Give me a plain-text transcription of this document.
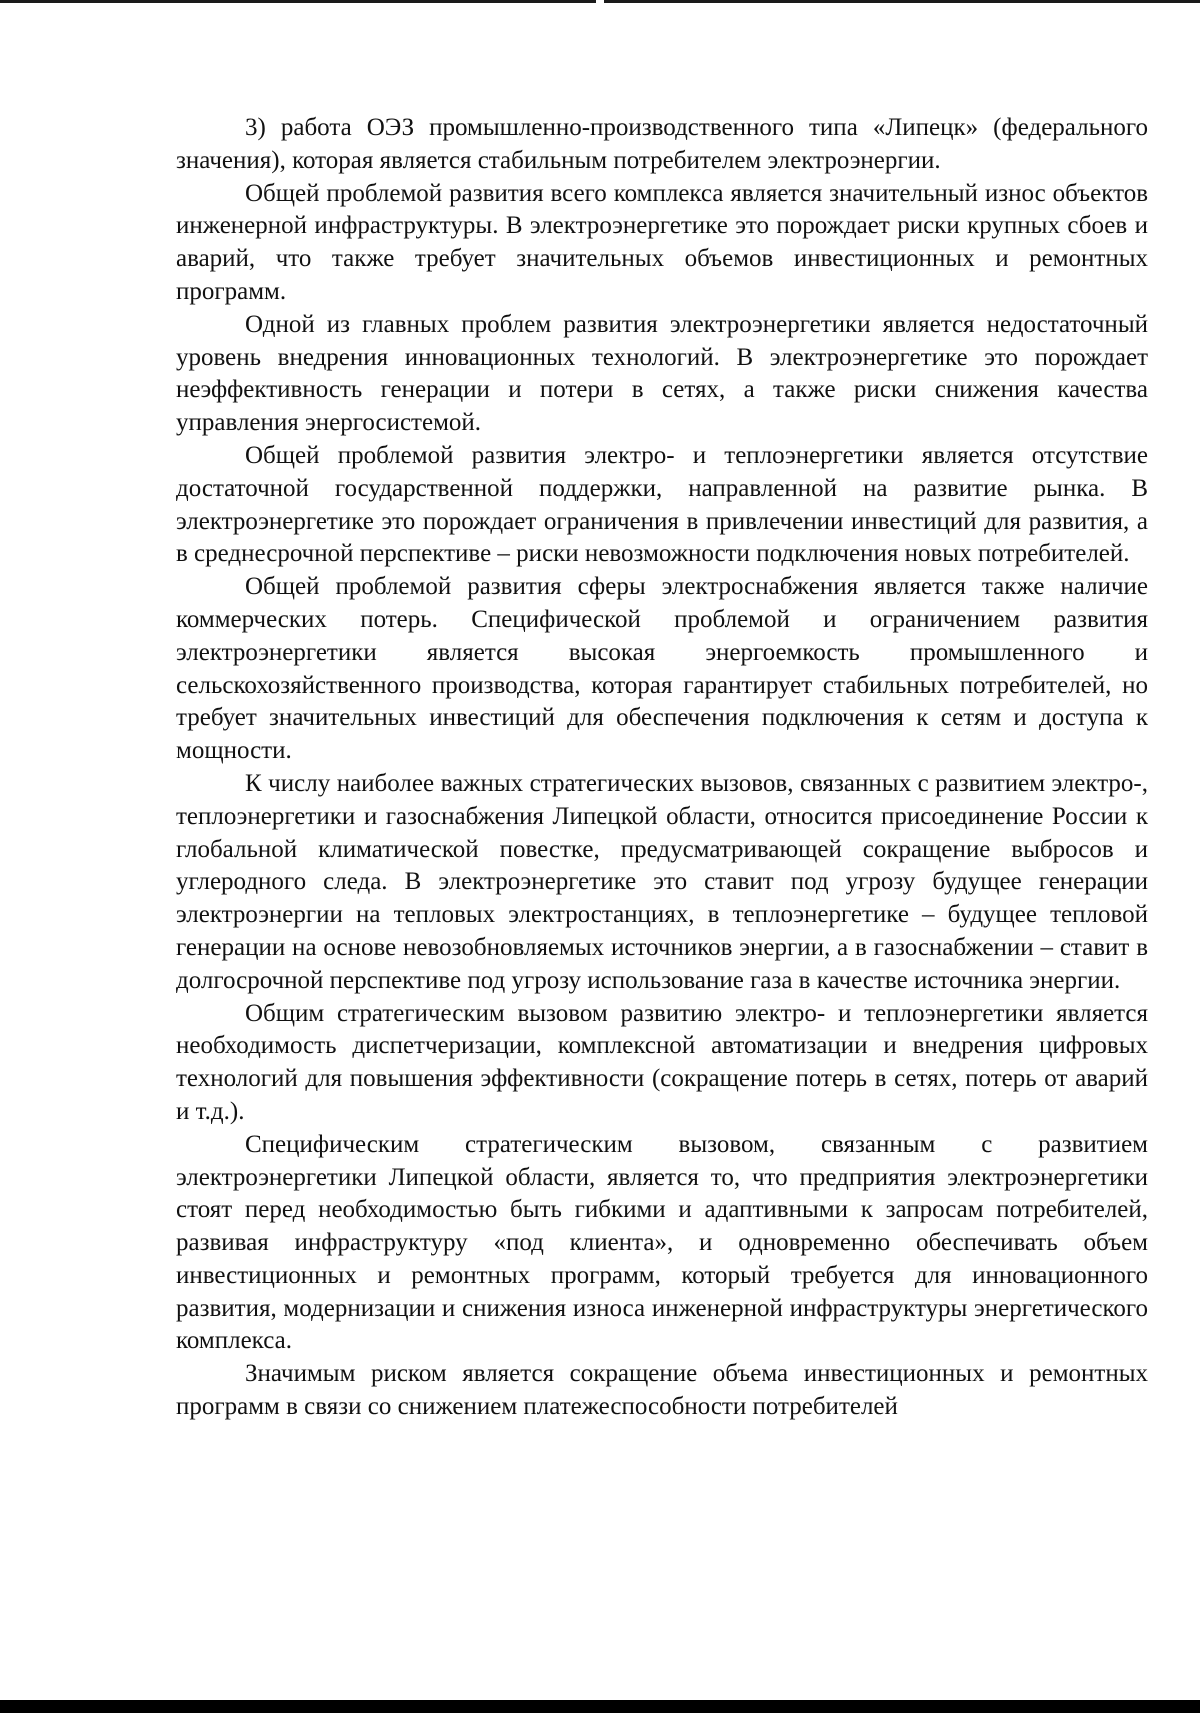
3) работа ОЭЗ промышленно-производственного типа «Липецк» (федерального значения), которая является стабильным потребителем электроэнергии.

Общей проблемой развития всего комплекса является значительный износ объектов инженерной инфраструктуры. В электроэнергетике это порождает риски крупных сбоев и аварий, что также требует значительных объемов инвестиционных и ремонтных программ.

Одной из главных проблем развития электроэнергетики является недостаточный уровень внедрения инновационных технологий. В электроэнергетике это порождает неэффективность генерации и потери в сетях, а также риски снижения качества управления энергосистемой.

Общей проблемой развития электро- и теплоэнергетики является отсутствие достаточной государственной поддержки, направленной на развитие рынка. В электроэнергетике это порождает ограничения в привлечении инвестиций для развития, а в среднесрочной перспективе – риски невозможности подключения новых потребителей.

Общей проблемой развития сферы электроснабжения является также наличие коммерческих потерь. Специфической проблемой и ограничением развития электроэнергетики является высокая энергоемкость промышленного и сельскохозяйственного производства, которая гарантирует стабильных потребителей, но требует значительных инвестиций для обеспечения подключения к сетям и доступа к мощности.

К числу наиболее важных стратегических вызовов, связанных с развитием электро-, теплоэнергетики и газоснабжения Липецкой области, относится присоединение России к глобальной климатической повестке, предусматривающей сокращение выбросов и углеродного следа. В электроэнергетике это ставит под угрозу будущее генерации электроэнергии на тепловых электростанциях, в теплоэнергетике – будущее тепловой генерации на основе невозобновляемых источников энергии, а в газоснабжении – ставит в долгосрочной перспективе под угрозу использование газа в качестве источника энергии.

Общим стратегическим вызовом развитию электро- и теплоэнергетики является необходимость диспетчеризации, комплексной автоматизации и внедрения цифровых технологий для повышения эффективности (сокращение потерь в сетях, потерь от аварий и т.д.).

Специфическим стратегическим вызовом, связанным с развитием электроэнергетики Липецкой области, является то, что предприятия электроэнергетики стоят перед необходимостью быть гибкими и адаптивными к запросам потребителей, развивая инфраструктуру «под клиента», и одновременно обеспечивать объем инвестиционных и ремонтных программ, который требуется для инновационного развития, модернизации и снижения износа инженерной инфраструктуры энергетического комплекса.

Значимым риском является сокращение объема инвестиционных и ремонтных программ в связи со снижением платежеспособности потребителей
